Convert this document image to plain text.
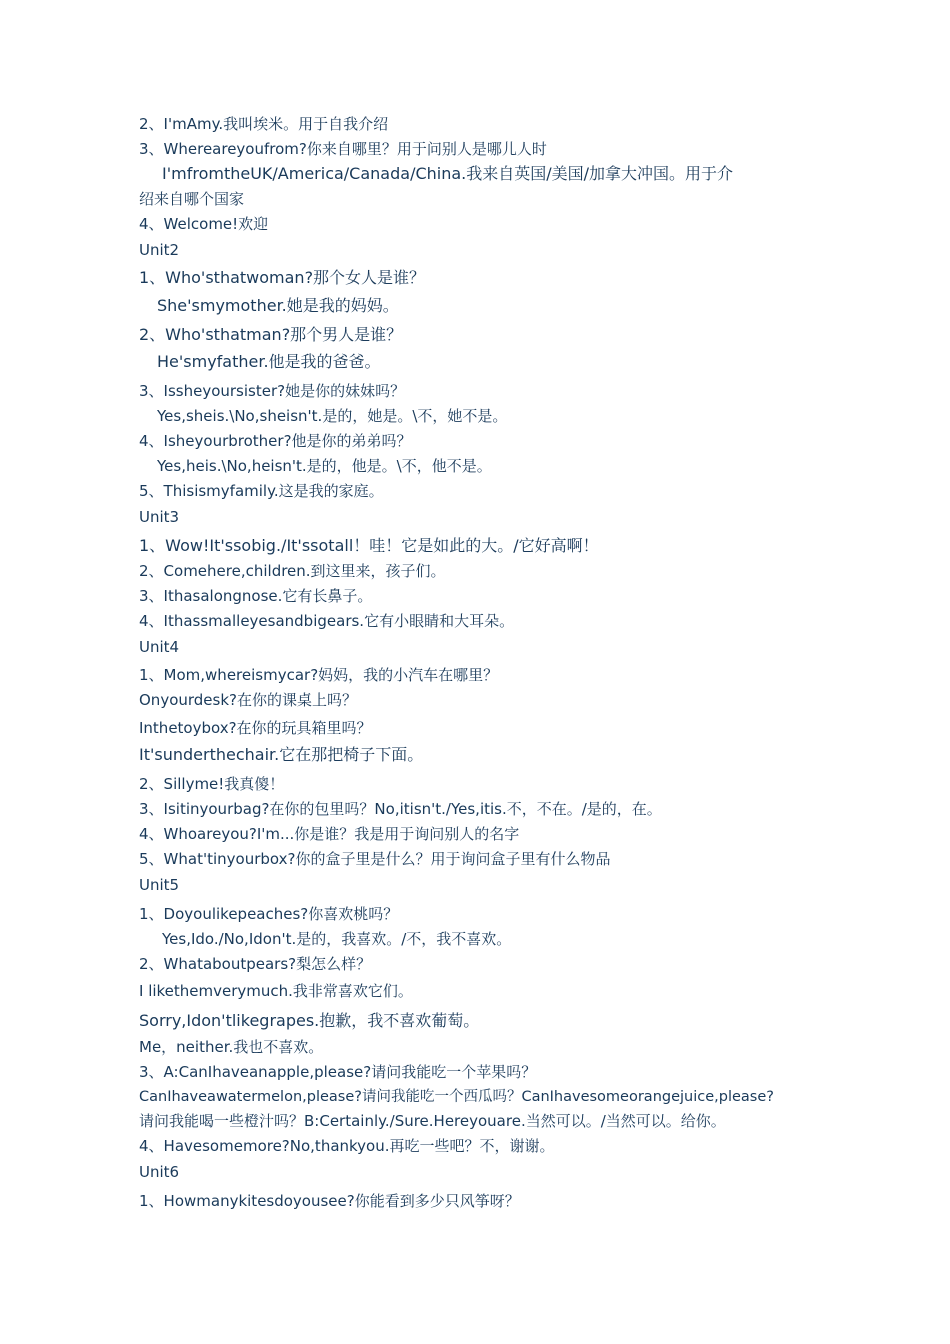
2、I'mAmy.我叫埃米。用于自我介绍
3、Whereareyoufrom?你来自哪里？用于问别人是哪儿人时
I'mfromtheUK/America/Canada/China.我来自英国/美国/加拿大冲国。用于介
绍来自哪个国家
4、Welcome!欢迎
Unit2
1、Who'sthatwoman?那个女人是谁？
She'smymother.她是我的妈妈。
2、Who'sthatman?那个男人是谁？
He'smyfather.他是我的爸爸。
3、Issheyoursister?她是你的妹妹吗？
Yes,sheis.\No,sheisn't.是的，她是。\不，她不是。
4、Isheyourbrother?他是你的弟弟吗？
Yes,heis.\No,heisn't.是的，他是。\不，他不是。
5、Thisismyfamily.这是我的家庭。
Unit3
1、Wow!It'ssobig./It'ssotall！哇！它是如此的大。/它好高啊！
2、Comehere,children.到这里来，孩子们。
3、Ithasalongnose.它有长鼻子。
4、Ithassmalleyesandbigears.它有小眼睛和大耳朵。
Unit4
1、Mom,whereismycar?妈妈，我的小汽车在哪里？
Onyourdesk?在你的课桌上吗？
Inthetoybox?在你的玩具箱里吗？
It'sunderthechair.它在那把椅子下面。
2、Sillyme!我真傻！
3、Isitinyourbag?在你的包里吗？No,itisn't./Yes,itis.不，不在。/是的，在。
4、Whoareyou?I'm...你是谁？我是用于询问别人的名字
5、What'tinyourbox?你的盒子里是什么？用于询问盒子里有什么物品
Unit5
1、Doyoulikepeaches?你喜欢桃吗？
Yes,Ido./No,Idon't.是的，我喜欢。/不，我不喜欢。
2、Whataboutpears?梨怎么样？
I likethemverymuch.我非常喜欢它们。
Sorry,Idon'tlikegrapes.抱歉，我不喜欢葡萄。
Me，neither.我也不喜欢。
3、A:CanIhaveanapple,please?请问我能吃一个苹果吗？
CanIhaveawatermelon,please?请问我能吃一个西瓜吗？CanIhavesomeorangejuice,please?
请问我能喝一些橙汁吗？B:Certainly./Sure.Hereyouare.当然可以。/当然可以。给你。
4、Havesomemore?No,thankyou.再吃一些吧？不，谢谢。
Unit6
1、Howmanykitesdoyousee?你能看到多少只风筝呀？
